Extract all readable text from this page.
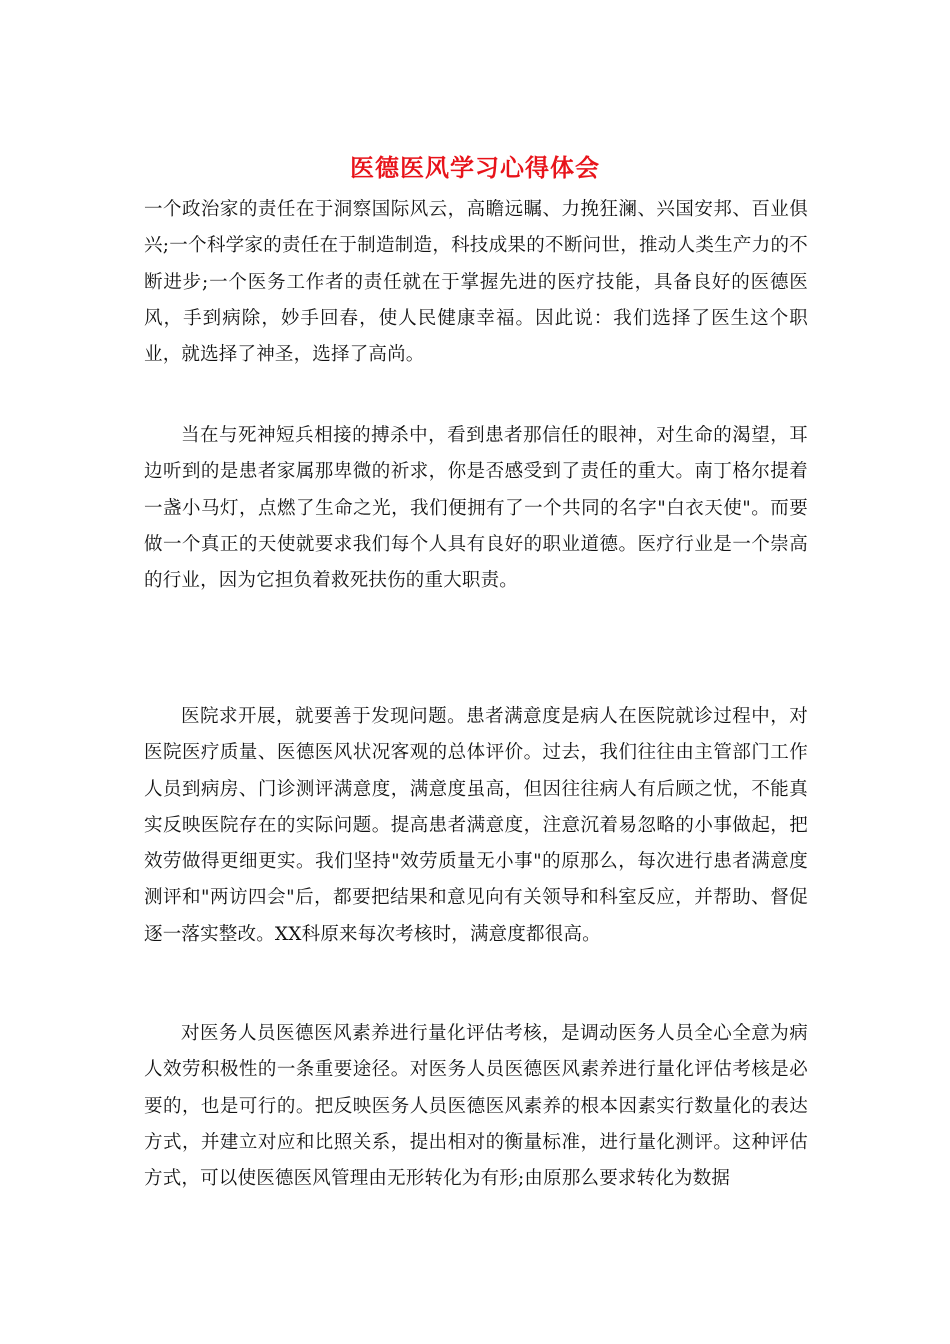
医德医风学习心得体会

一个政治家的责任在于洞察国际风云，高瞻远瞩、力挽狂澜、兴国安邦、百业俱兴;一个科学家的责任在于制造制造，科技成果的不断问世，推动人类生产力的不断进步;一个医务工作者的责任就在于掌握先进的医疗技能，具备良好的医德医风，手到病除，妙手回春，使人民健康幸福。因此说：我们选择了医生这个职业，就选择了神圣，选择了高尚。

当在与死神短兵相接的搏杀中，看到患者那信任的眼神，对生命的渴望，耳边听到的是患者家属那卑微的祈求，你是否感受到了责任的重大。南丁格尔提着一盏小马灯，点燃了生命之光，我们便拥有了一个共同的名字"白衣天使"。而要做一个真正的天使就要求我们每个人具有良好的职业道德。医疗行业是一个崇高的行业，因为它担负着救死扶伤的重大职责。

医院求开展，就要善于发现问题。患者满意度是病人在医院就诊过程中，对医院医疗质量、医德医风状况客观的总体评价。过去，我们往往由主管部门工作人员到病房、门诊测评满意度，满意度虽高，但因往往病人有后顾之忧，不能真实反映医院存在的实际问题。提高患者满意度，注意沉着易忽略的小事做起，把效劳做得更细更实。我们坚持"效劳质量无小事"的原那么，每次进行患者满意度测评和"两访四会"后，都要把结果和意见向有关领导和科室反应，并帮助、督促逐一落实整改。XX科原来每次考核时，满意度都很高。

对医务人员医德医风素养进行量化评估考核，是调动医务人员全心全意为病人效劳积极性的一条重要途径。对医务人员医德医风素养进行量化评估考核是必要的，也是可行的。把反映医务人员医德医风素养的根本因素实行数量化的表达方式，并建立对应和比照关系，提出相对的衡量标准，进行量化测评。这种评估方式，可以使医德医风管理由无形转化为有形;由原那么要求转化为数据
